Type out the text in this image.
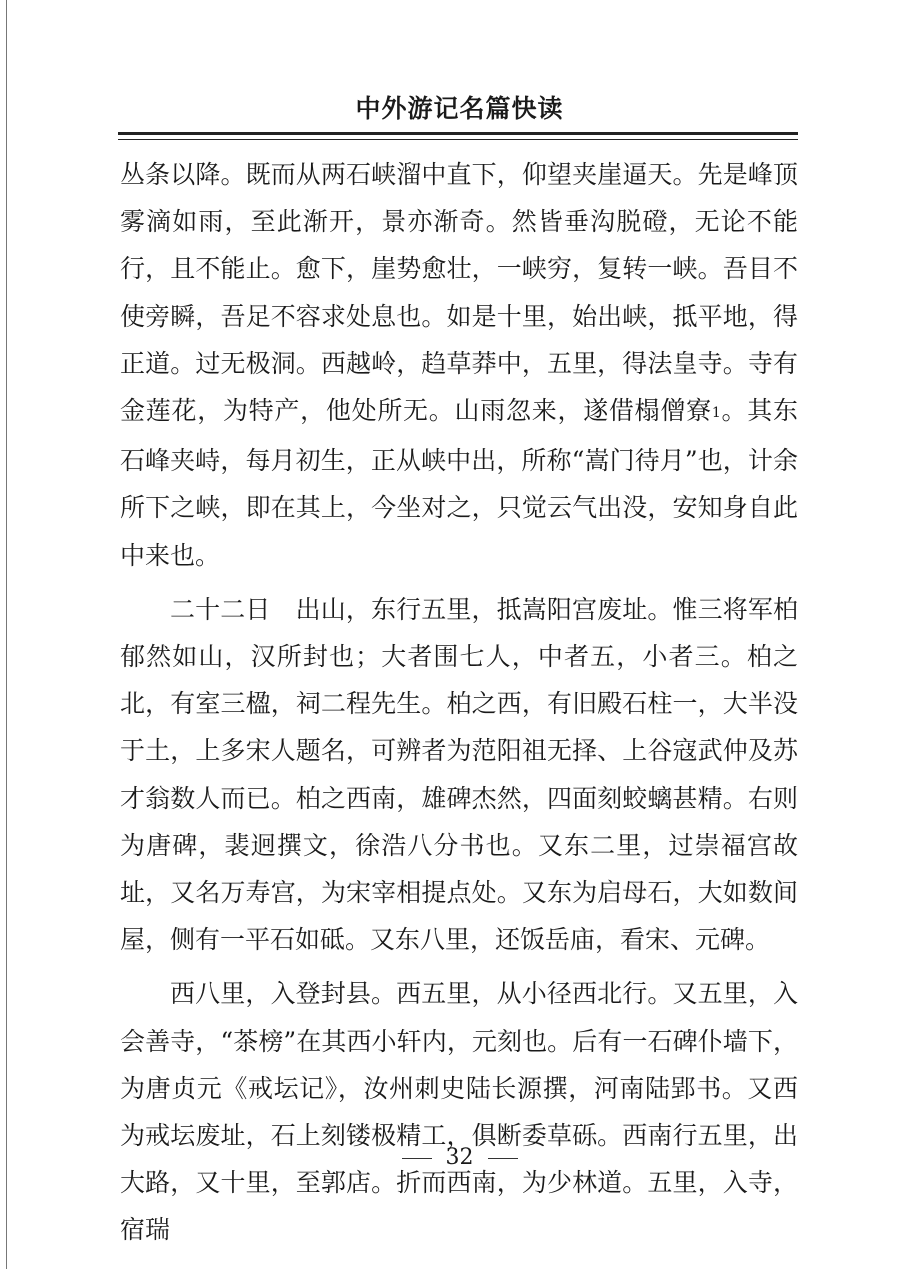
中外游记名篇快读

丛条以降。既而从两石峡溜中直下，仰望夹崖逼天。先是峰顶雾滴如雨，至此渐开，景亦渐奇。然皆垂沟脱磴，无论不能行，且不能止。愈下，崖势愈壮，一峡穷，复转一峡。吾目不使旁瞬，吾足不容求处息也。如是十里，始出峡，抵平地，得正道。过无极洞。西越岭，趋草莽中，五里，得法皇寺。寺有金莲花，为特产，他处所无。山雨忽来，遂借榻僧寮1。其东石峰夹峙，每月初生，正从峡中出，所称“嵩门待月”也，计余所下之峡，即在其上，今坐对之，只觉云气出没，安知身自此中来也。

二十二日　出山，东行五里，抵嵩阳宫废址。惟三将军柏郁然如山，汉所封也；大者围七人，中者五，小者三。柏之北，有室三楹，祠二程先生。柏之西，有旧殿石柱一，大半没于土，上多宋人题名，可辨者为范阳祖无择、上谷寇武仲及苏才翁数人而已。柏之西南，雄碑杰然，四面刻蛟螭甚精。右则为唐碑，裴迥撰文，徐浩八分书也。又东二里，过崇福宫故址，又名万寿宫，为宋宰相提点处。又东为启母石，大如数间屋，侧有一平石如砥。又东八里，还饭岳庙，看宋、元碑。

西八里，入登封县。西五里，从小径西北行。又五里，入会善寺，“茶榜”在其西小轩内，元刻也。后有一石碑仆墙下，为唐贞元《戒坛记》，汝州刺史陆长源撰，河南陆郢书。又西为戒坛废址，石上刻镂极精工，俱断委草砾。西南行五里，出大路，又十里，至郭店。折而西南，为少林道。五里，入寺，宿瑞

32
